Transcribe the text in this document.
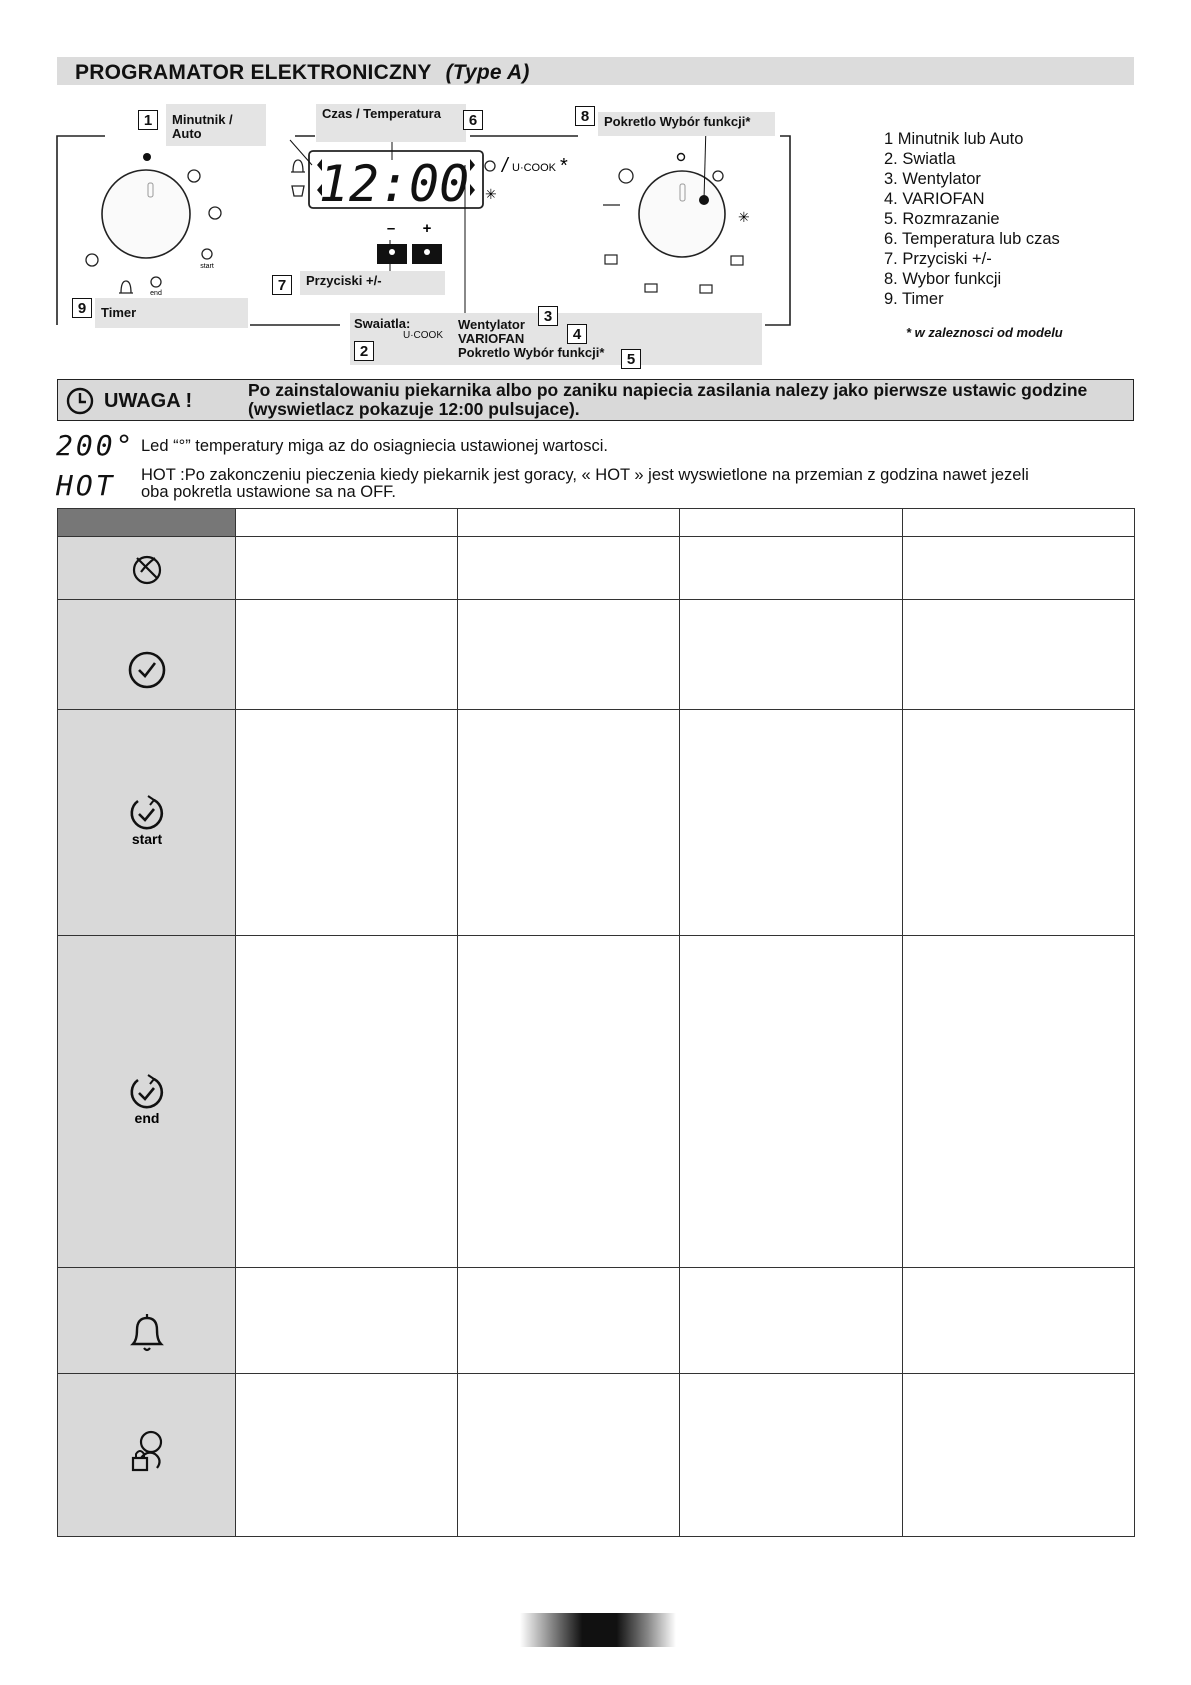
PROGRAMATOR ELEKTRONICZNY (Type A)
12:00
– +
/ U·COOK *
✳
start
end
✳
1	Minutnik / Auto
Czas / Temperatura	6	8	Pokretlo Wybór funkcji*
7	Przyciski +/-
9	Timer
Swaiatla:
U·COOK
Wentylator
VARIOFAN
Pokretlo Wybór funkcji*
3
4
5
2
1 Minutnik lub Auto
2. Swiatla
3. Wentylator
4. VARIOFAN
5. Rozmrazanie
6. Temperatura lub czas
7. Przyciski +/-
8. Wybor funkcji
9. Timer
* w zaleznosci od modelu
UWAGA !	Po zainstalowaniu piekarnika albo po zaniku napiecia zasilania nalezy jako pierwsze ustawic godzine (wyswietlacz pokazuje 12:00 pulsujace).
200° Led “°” temperatury miga az do osiagniecia ustawionej wartosci.
HOT HOT :Po zakonczeniu pieczenia kiedy piekarnik jest goracy, « HOT » jest wyswietlone na przemian z godzina nawet jezeli oba pokretla ustawione sa na OFF.

start				

end				
